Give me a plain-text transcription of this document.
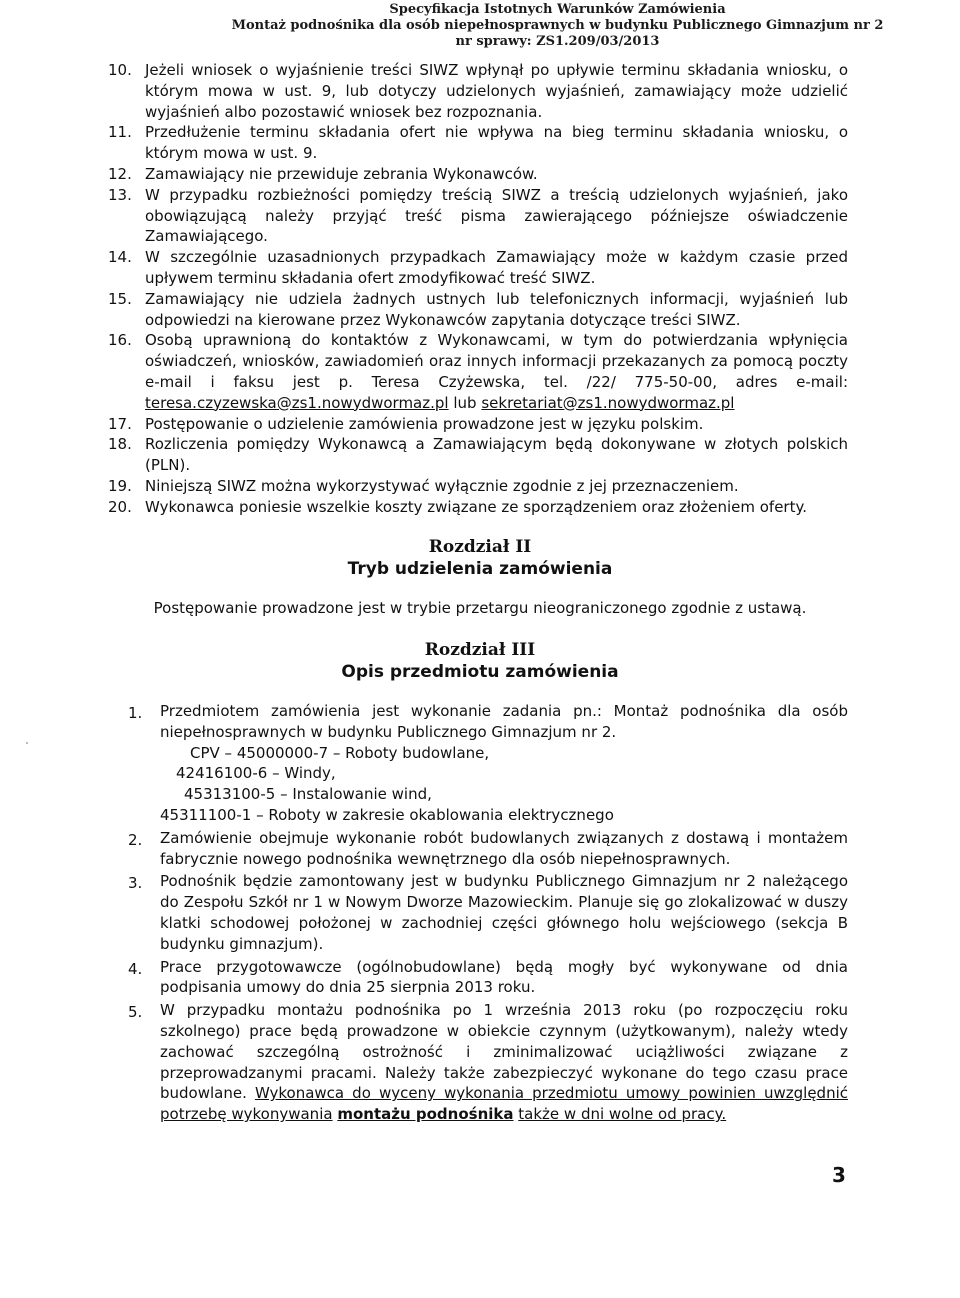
Specyfikacja Istotnych Warunków Zamówienia
Montaż podnośnika dla osób niepełnosprawnych w budynku Publicznego Gimnazjum nr 2
nr sprawy: ZS1.209/03/2013

10. Jeżeli wniosek o wyjaśnienie treści SIWZ wpłynął po upływie terminu składania wniosku, o którym mowa w ust. 9, lub dotyczy udzielonych wyjaśnień, zamawiający może udzielić wyjaśnień albo pozostawić wniosek bez rozpoznania.

11. Przedłużenie terminu składania ofert nie wpływa na bieg terminu składania wniosku, o którym mowa w ust. 9.

12. Zamawiający nie przewiduje zebrania Wykonawców.

13. W przypadku rozbieżności pomiędzy treścią SIWZ a treścią udzielonych wyjaśnień, jako obowiązującą należy przyjąć treść pisma zawierającego późniejsze oświadczenie Zamawiającego.

14. W szczególnie uzasadnionych przypadkach Zamawiający może w każdym czasie przed upływem terminu składania ofert zmodyfikować treść SIWZ.

15. Zamawiający nie udziela żadnych ustnych lub telefonicznych informacji, wyjaśnień lub odpowiedzi na kierowane przez Wykonawców zapytania dotyczące treści SIWZ.

16. Osobą uprawnioną do kontaktów z Wykonawcami, w tym do potwierdzania wpłynięcia oświadczeń, wniosków, zawiadomień oraz innych informacji przekazanych za pomocą poczty e-mail i faksu jest p. Teresa Czyżewska, tel. /22/ 775-50-00, adres e-mail: teresa.czyzewska@zs1.nowydwormaz.pl lub sekretariat@zs1.nowydwormaz.pl

17. Postępowanie o udzielenie zamówienia prowadzone jest w języku polskim.

18. Rozliczenia pomiędzy Wykonawcą a Zamawiającym będą dokonywane w złotych polskich (PLN).

19. Niniejszą SIWZ można wykorzystywać wyłącznie zgodnie z jej przeznaczeniem.

20. Wykonawca poniesie wszelkie koszty związane ze sporządzeniem oraz złożeniem oferty.

Rozdział II
Tryb udzielenia zamówienia
Postępowanie prowadzone jest w trybie przetargu nieograniczonego zgodnie z ustawą.
Rozdział III
Opis przedmiotu zamówienia
1. Przedmiotem zamówienia jest wykonanie zadania pn.: Montaż podnośnika dla osób niepełnosprawnych w budynku Publicznego Gimnazjum nr 2.
CPV – 45000000-7 – Roboty budowlane,
42416100-6 – Windy,
45313100-5 – Instalowanie wind,
45311100-1 – Roboty w zakresie okablowania elektrycznego
2. Zamówienie obejmuje wykonanie robót budowlanych związanych z dostawą i montażem fabrycznie nowego podnośnika wewnętrznego dla osób niepełnosprawnych.
3. Podnośnik będzie zamontowany jest w budynku Publicznego Gimnazjum nr 2 należącego do Zespołu Szkół nr 1 w Nowym Dworze Mazowieckim. Planuje się go zlokalizować w duszy klatki schodowej położonej w zachodniej części głównego holu wejściowego (sekcja B budynku gimnazjum).
4. Prace przygotowawcze (ogólnobudowlane) będą mogły być wykonywane od dnia podpisania umowy do dnia 25 sierpnia 2013 roku.
5. W przypadku montażu podnośnika po 1 września 2013 roku (po rozpoczęciu roku szkolnego) prace będą prowadzone w obiekcie czynnym (użytkowanym), należy wtedy zachować szczególną ostrożność i zminimalizować uciążliwości związane z przeprowadzanymi pracami. Należy także zabezpieczyć wykonane do tego czasu prace budowlane. Wykonawca do wyceny wykonania przedmiotu umowy powinien uwzględnić potrzebę wykonywania montażu podnośnika także w dni wolne od pracy.
3
